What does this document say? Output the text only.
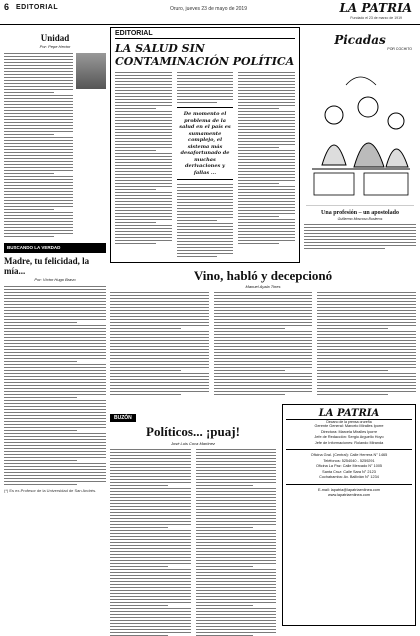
6 EDITORIAL	Oruro, jueves 23 de mayo de 2019	LA PATRIA
Fundado el 23 de marzo de 1919
Unidad
Por: Pepe Hector
BUSCANDO LA VERDAD
Madre, tu felicidad, la mía...
Por: Víctor Hugo Bravo
(*) Es ex-Profesor de la Universidad de San Andrés.
EDITORIAL
LA SALUD SIN CONTAMINACIÓN POLÍTICA
De momento el problema de la salud en el país es sumamente complejo, el sistema más desafortunado de muchas derivaciones y fallas ...
Picadas
POR COCHITO
Una profesión – un apostolado
Guillermo Moscoso Busteros
Vino, habló y decepcionó
Manuel Ayala Tines
BUZÓN
Políticos... ¡puaj!
José Luis Coca Martínez
LA PATRIA
Decano de la prensa orureña
Gerente General: Marcelo Miralles Iporre
Directora: Marcela Miralles Iporre
Jefe de Redacción: Sergio Arguello Hoyo
Jefe de Informaciones: Rolando Miranda
Oficina Gral. (Central): Calle Herrera N° 1465
Teléfonos: 5254040 - 5259291
Oficina La Paz: Calle Mercado N° 1005
Santa Cruz: Calle Sara N° 2123
Cochabamba: Av. Ballivián N° 1234
E-mail: lapatria@lapatriaenlinea.com
www.lapatriaenlinea.com
